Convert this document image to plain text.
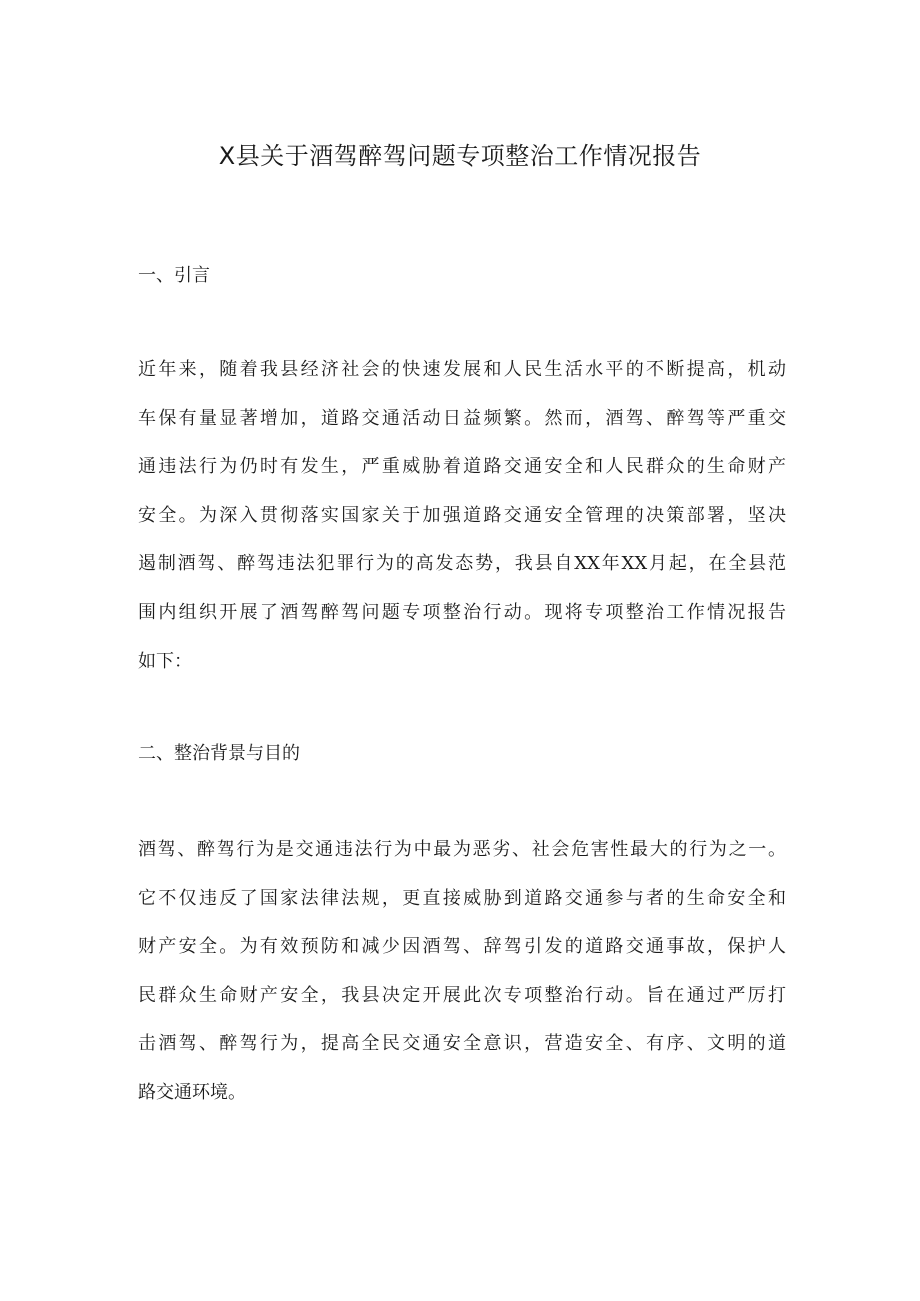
X县关于酒驾醉驾问题专项整治工作情况报告
一、引言

近年来，随着我县经济社会的快速发展和人民生活水平的不断提高，机动
车保有量显著增加，道路交通活动日益频繁。然而，酒驾、醉驾等严重交
通违法行为仍时有发生，严重威胁着道路交通安全和人民群众的生命财产
安全。为深入贯彻落实国家关于加强道路交通安全管理的决策部署，坚决
遏制酒驾、醉驾违法犯罪行为的高发态势，我县自XX年XX月起，在全县范
围内组织开展了酒驾醉驾问题专项整治行动。现将专项整治工作情况报告
如下：

二、整治背景与目的

酒驾、醉驾行为是交通违法行为中最为恶劣、社会危害性最大的行为之一。
它不仅违反了国家法律法规，更直接威胁到道路交通参与者的生命安全和
财产安全。为有效预防和减少因酒驾、辞驾引发的道路交通事故，保护人
民群众生命财产安全，我县决定开展此次专项整治行动。旨在通过严厉打
击酒驾、醉驾行为，提高全民交通安全意识，营造安全、有序、文明的道
路交通环境。
